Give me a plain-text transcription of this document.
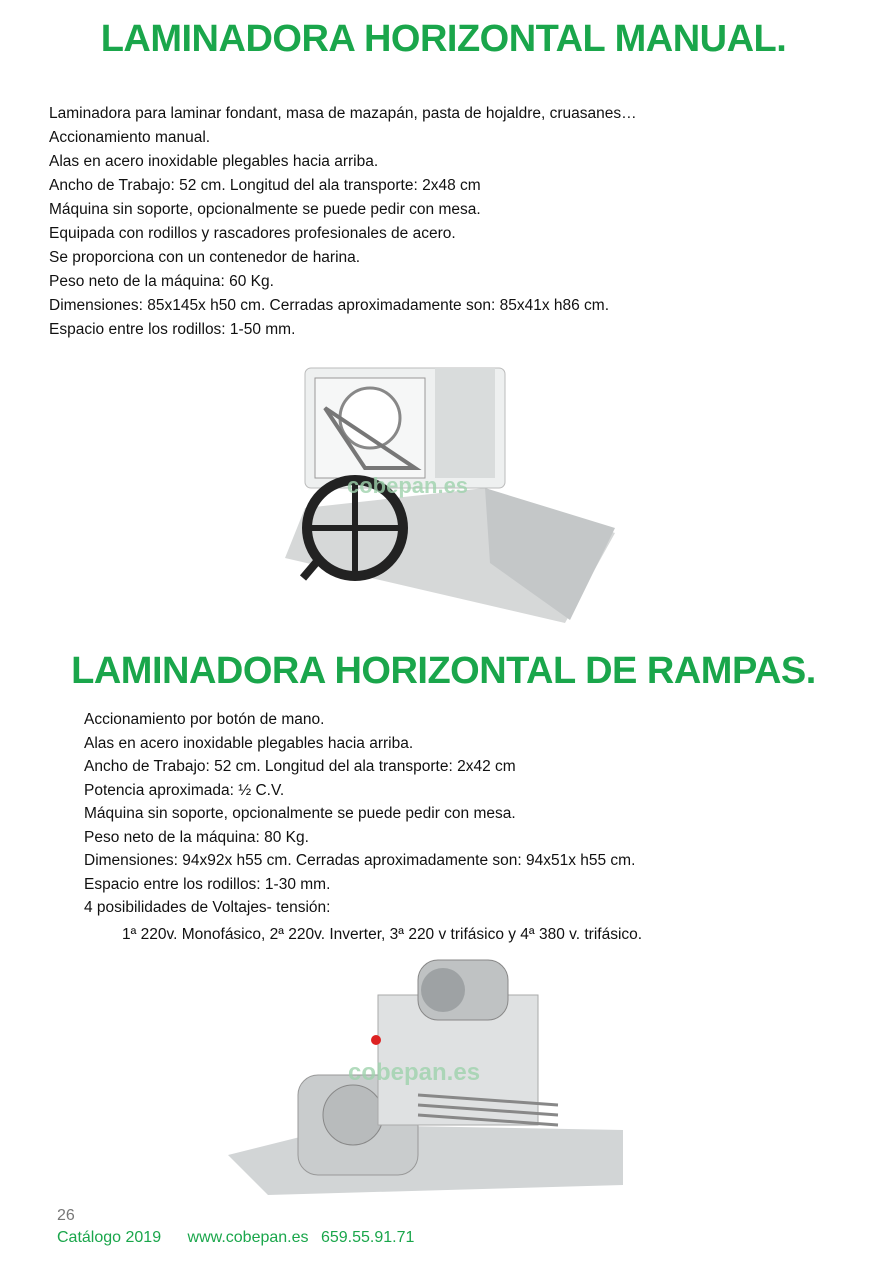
LAMINADORA HORIZONTAL MANUAL.
Laminadora para laminar fondant, masa de mazapán, pasta de hojaldre, cruasanes…
Accionamiento manual.
Alas en acero inoxidable plegables hacia arriba.
Ancho de Trabajo: 52 cm. Longitud del ala transporte: 2x48 cm
Máquina sin soporte, opcionalmente se puede pedir con mesa.
Equipada con rodillos y rascadores profesionales de acero.
Se proporciona con un contenedor de harina.
Peso neto de la máquina: 60 Kg.
Dimensiones: 85x145x h50 cm. Cerradas aproximadamente son: 85x41x h86 cm.
Espacio entre los rodillos: 1-50 mm.
cobepan.es
LAMINADORA HORIZONTAL DE RAMPAS.
Accionamiento por botón de mano.
Alas en acero inoxidable plegables hacia arriba.
Ancho de Trabajo: 52 cm. Longitud del ala transporte: 2x42 cm
Potencia aproximada: ½ C.V.
Máquina sin soporte, opcionalmente se puede pedir con mesa.
Peso neto de la máquina: 80 Kg.
Dimensiones: 94x92x h55 cm. Cerradas aproximadamente son: 94x51x h55 cm.
Espacio entre los rodillos: 1-30 mm.
4 posibilidades de Voltajes- tensión:
1ª 220v. Monofásico, 2ª 220v. Inverter, 3ª 220 v trifásico y 4ª 380 v. trifásico.
cobepan.es
26
Catálogo 2019 www.cobepan.es 659.55.91.71
